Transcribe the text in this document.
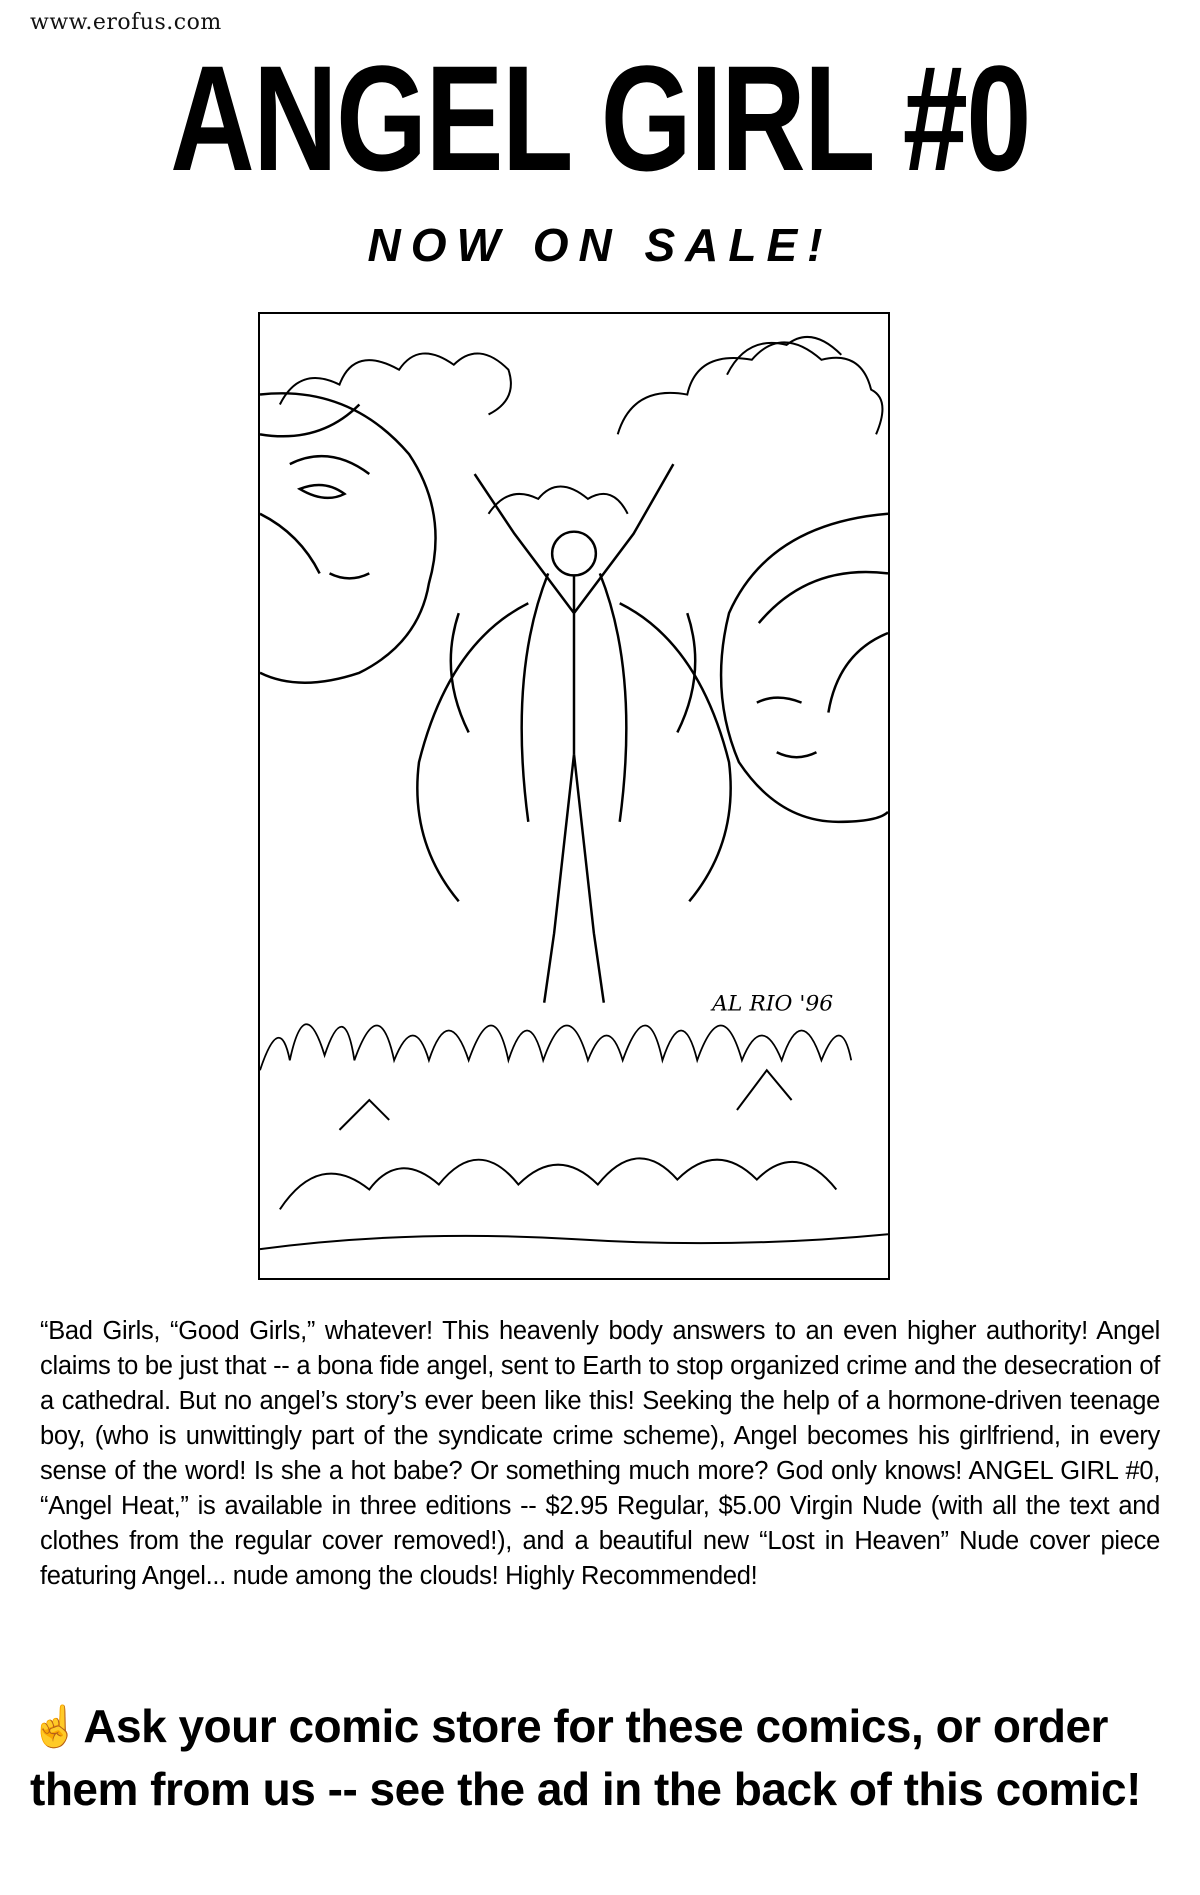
www.erofus.com
ANGEL GIRL #0
NOW ON SALE!
AL RIO '96
“Bad Girls, “Good Girls,” whatever! This heavenly body answers to an even higher authority! Angel claims to be just that -- a bona fide angel, sent to Earth to stop organized crime and the desecration of a cathedral. But no angel’s story’s ever been like this! Seeking the help of a hormone-driven teenage boy, (who is unwittingly part of the syndicate crime scheme), Angel becomes his girlfriend, in every sense of the word! Is she a hot babe? Or something much more? God only knows! ANGEL GIRL #0, “Angel Heat,” is available in three editions -- $2.95 Regular, $5.00 Virgin Nude (with all the text and clothes from the regular cover removed!), and a beautiful new “Lost in Heaven” Nude cover piece featuring Angel... nude among the clouds! Highly Recommended!
☝Ask your comic store for these comics, or order
them from us -- see the ad in the back of this comic!
